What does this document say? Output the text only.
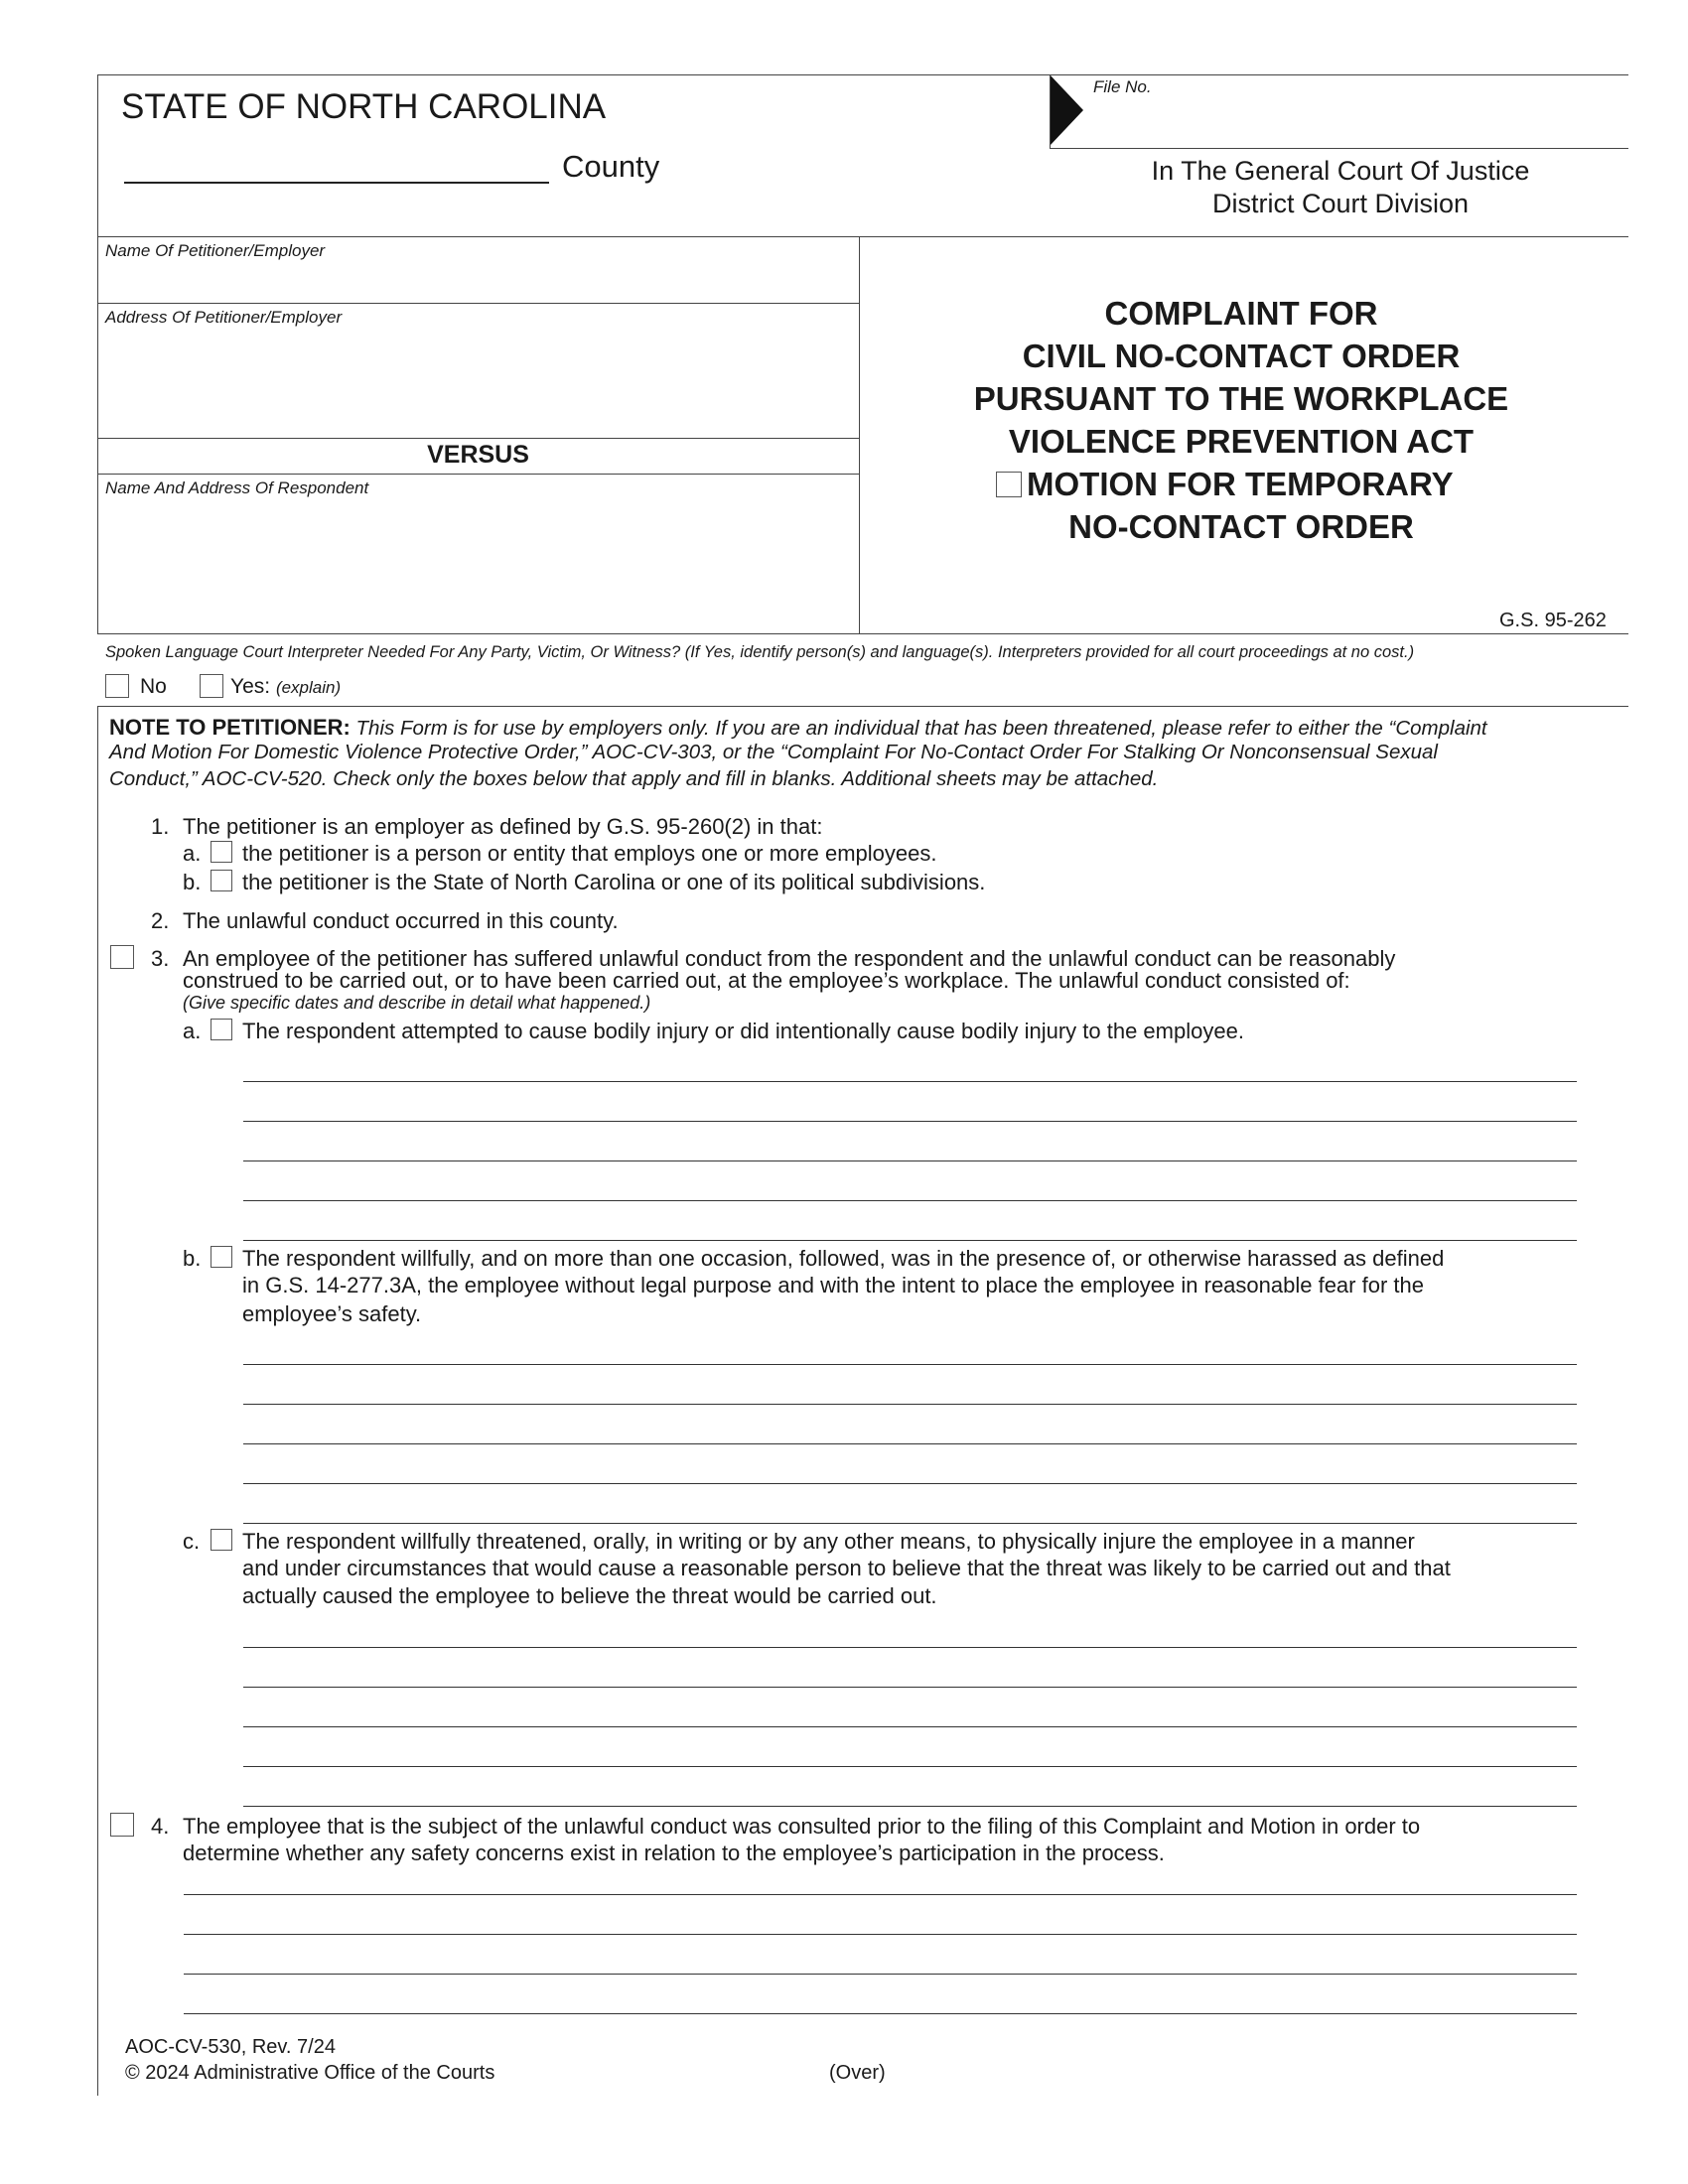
STATE OF NORTH CAROLINA
County
File No.
In The General Court Of Justice
District Court Division
Name Of Petitioner/Employer
Address Of Petitioner/Employer
VERSUS
Name And Address Of Respondent
COMPLAINT FOR
CIVIL NO-CONTACT ORDER
PURSUANT TO THE WORKPLACE
VIOLENCE PREVENTION ACT
MOTION FOR TEMPORARY
NO-CONTACT ORDER
G.S. 95-262
Spoken Language Court Interpreter Needed For Any Party, Victim, Or Witness? (If Yes, identify person(s) and language(s). Interpreters provided for all court proceedings at no cost.)
No	Yes: (explain)
NOTE TO PETITIONER: This Form is for use by employers only. If you are an individual that has been threatened, please refer to either the “Complaint
And Motion For Domestic Violence Protective Order,” AOC-CV-303, or the “Complaint For No-Contact Order For Stalking Or Nonconsensual Sexual
Conduct,” AOC-CV-520. Check only the boxes below that apply and fill in blanks. Additional sheets may be attached.
1. The petitioner is an employer as defined by G.S. 95-260(2) in that:
a. the petitioner is a person or entity that employs one or more employees.
b. the petitioner is the State of North Carolina or one of its political subdivisions.
2. The unlawful conduct occurred in this county.
3. An employee of the petitioner has suffered unlawful conduct from the respondent and the unlawful conduct can be reasonably
construed to be carried out, or to have been carried out, at the employee’s workplace. The unlawful conduct consisted of:
(Give specific dates and describe in detail what happened.)
a. The respondent attempted to cause bodily injury or did intentionally cause bodily injury to the employee.
b. The respondent willfully, and on more than one occasion, followed, was in the presence of, or otherwise harassed as defined
in G.S. 14-277.3A, the employee without legal purpose and with the intent to place the employee in reasonable fear for the
employee’s safety.
c. The respondent willfully threatened, orally, in writing or by any other means, to physically injure the employee in a manner
and under circumstances that would cause a reasonable person to believe that the threat was likely to be carried out and that
actually caused the employee to believe the threat would be carried out.
4. The employee that is the subject of the unlawful conduct was consulted prior to the filing of this Complaint and Motion in order to
determine whether any safety concerns exist in relation to the employee’s participation in the process.
AOC-CV-530, Rev. 7/24
© 2024 Administrative Office of the Courts	(Over)
